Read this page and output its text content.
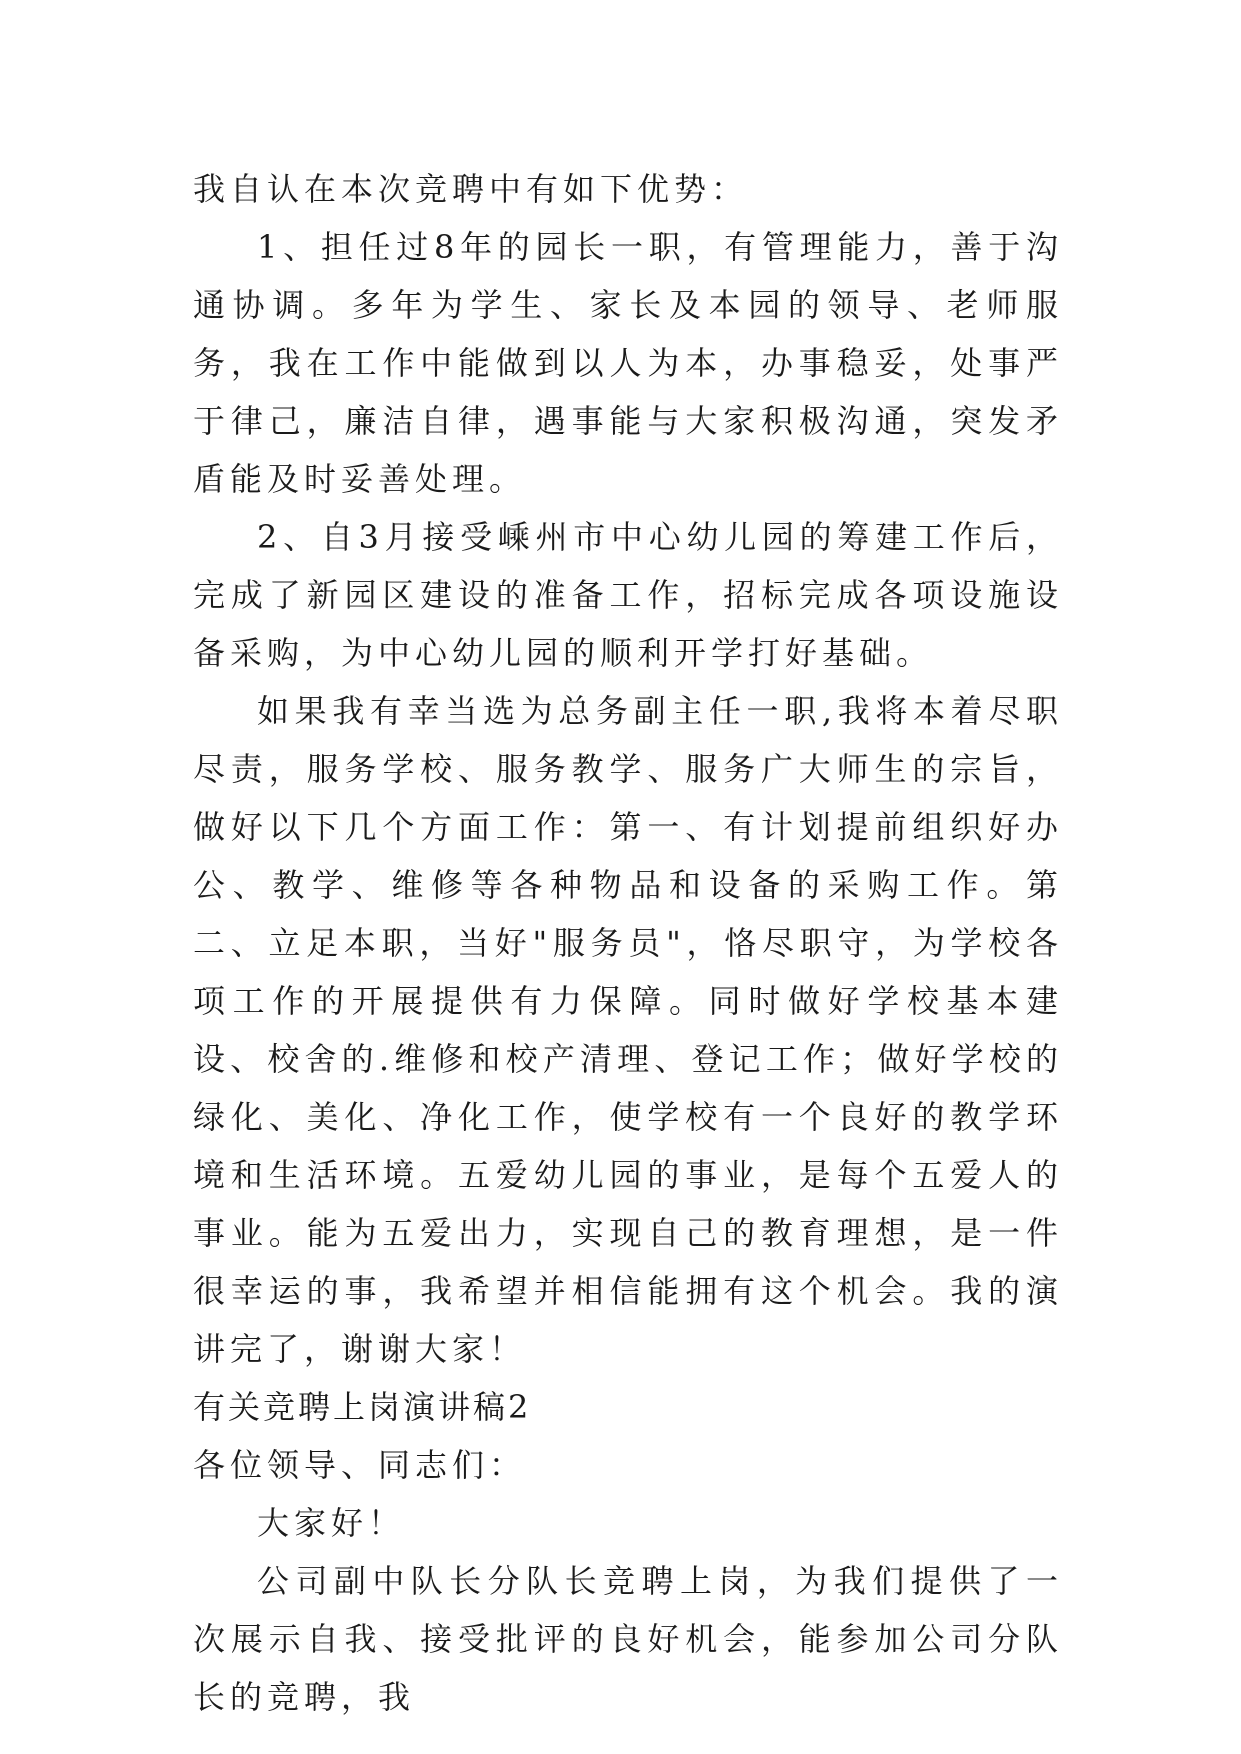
我自认在本次竞聘中有如下优势：

1、担任过8年的园长一职，有管理能力，善于沟通协调。多年为学生、家长及本园的领导、老师服务，我在工作中能做到以人为本，办事稳妥，处事严于律己，廉洁自律，遇事能与大家积极沟通，突发矛盾能及时妥善处理。

2、自3月接受嵊州市中心幼儿园的筹建工作后，完成了新园区建设的准备工作，招标完成各项设施设备采购，为中心幼儿园的顺利开学打好基础。

如果我有幸当选为总务副主任一职,我将本着尽职尽责，服务学校、服务教学、服务广大师生的宗旨，做好以下几个方面工作：第一、有计划提前组织好办公、教学、维修等各种物品和设备的采购工作。第二、立足本职，当好"服务员"，恪尽职守，为学校各项工作的开展提供有力保障。同时做好学校基本建设、校舍的.维修和校产清理、登记工作；做好学校的绿化、美化、净化工作，使学校有一个良好的教学环境和生活环境。五爱幼儿园的事业，是每个五爱人的事业。能为五爱出力，实现自己的教育理想，是一件很幸运的事，我希望并相信能拥有这个机会。我的演讲完了，谢谢大家！

有关竞聘上岗演讲稿2

各位领导、同志们：

大家好！

公司副中队长分队长竞聘上岗，为我们提供了一次展示自我、接受批评的良好机会，能参加公司分队长的竞聘，我
